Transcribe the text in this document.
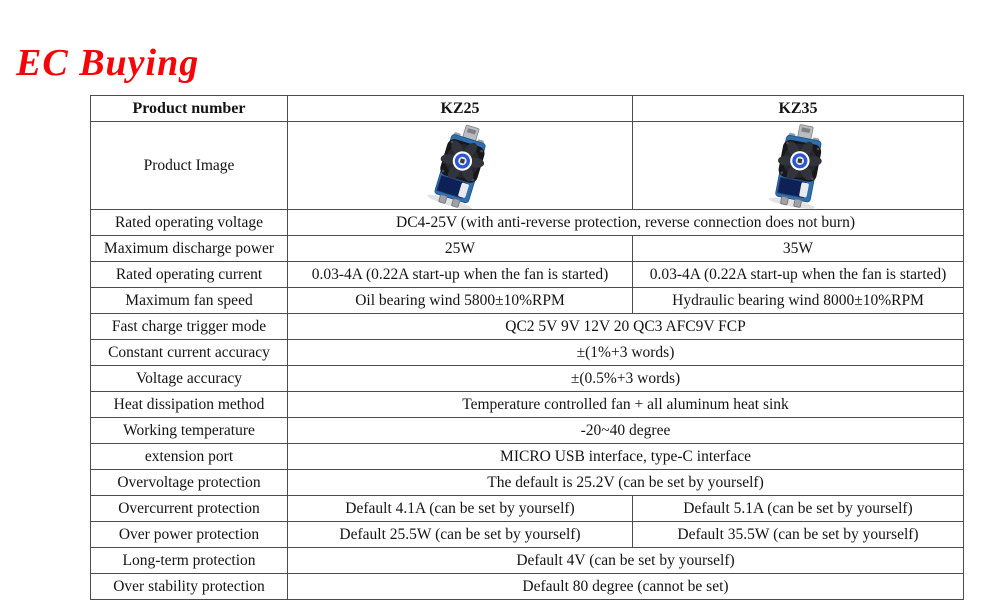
EC Buying
Product number	KZ25	KZ35
Product Image	

Rated operating voltage	DC4-25V (with anti-reverse protection, reverse connection does not burn)	
Maximum discharge power	25W	35W
Rated operating current	0.03-4A (0.22A start-up when the fan is started)	0.03-4A (0.22A start-up when the fan is started)
Maximum fan speed	Oil bearing wind 5800±10%RPM	Hydraulic bearing wind 8000±10%RPM
Fast charge trigger mode	QC2 5V 9V 12V 20 QC3 AFC9V FCP	
Constant current accuracy	±(1%+3 words)	
Voltage accuracy	±(0.5%+3 words)	
Heat dissipation method	Temperature controlled fan + all aluminum heat sink	
Working temperature	-20~40 degree	
extension port	MICRO USB interface, type-C interface	
Overvoltage protection	The default is 25.2V (can be set by yourself)	
Overcurrent protection	Default 4.1A (can be set by yourself)	Default 5.1A (can be set by yourself)
Over power protection	Default 25.5W (can be set by yourself)	Default 35.5W (can be set by yourself)
Long-term protection	Default 4V (can be set by yourself)	
Over stability protection	Default 80 degree (cannot be set)	
